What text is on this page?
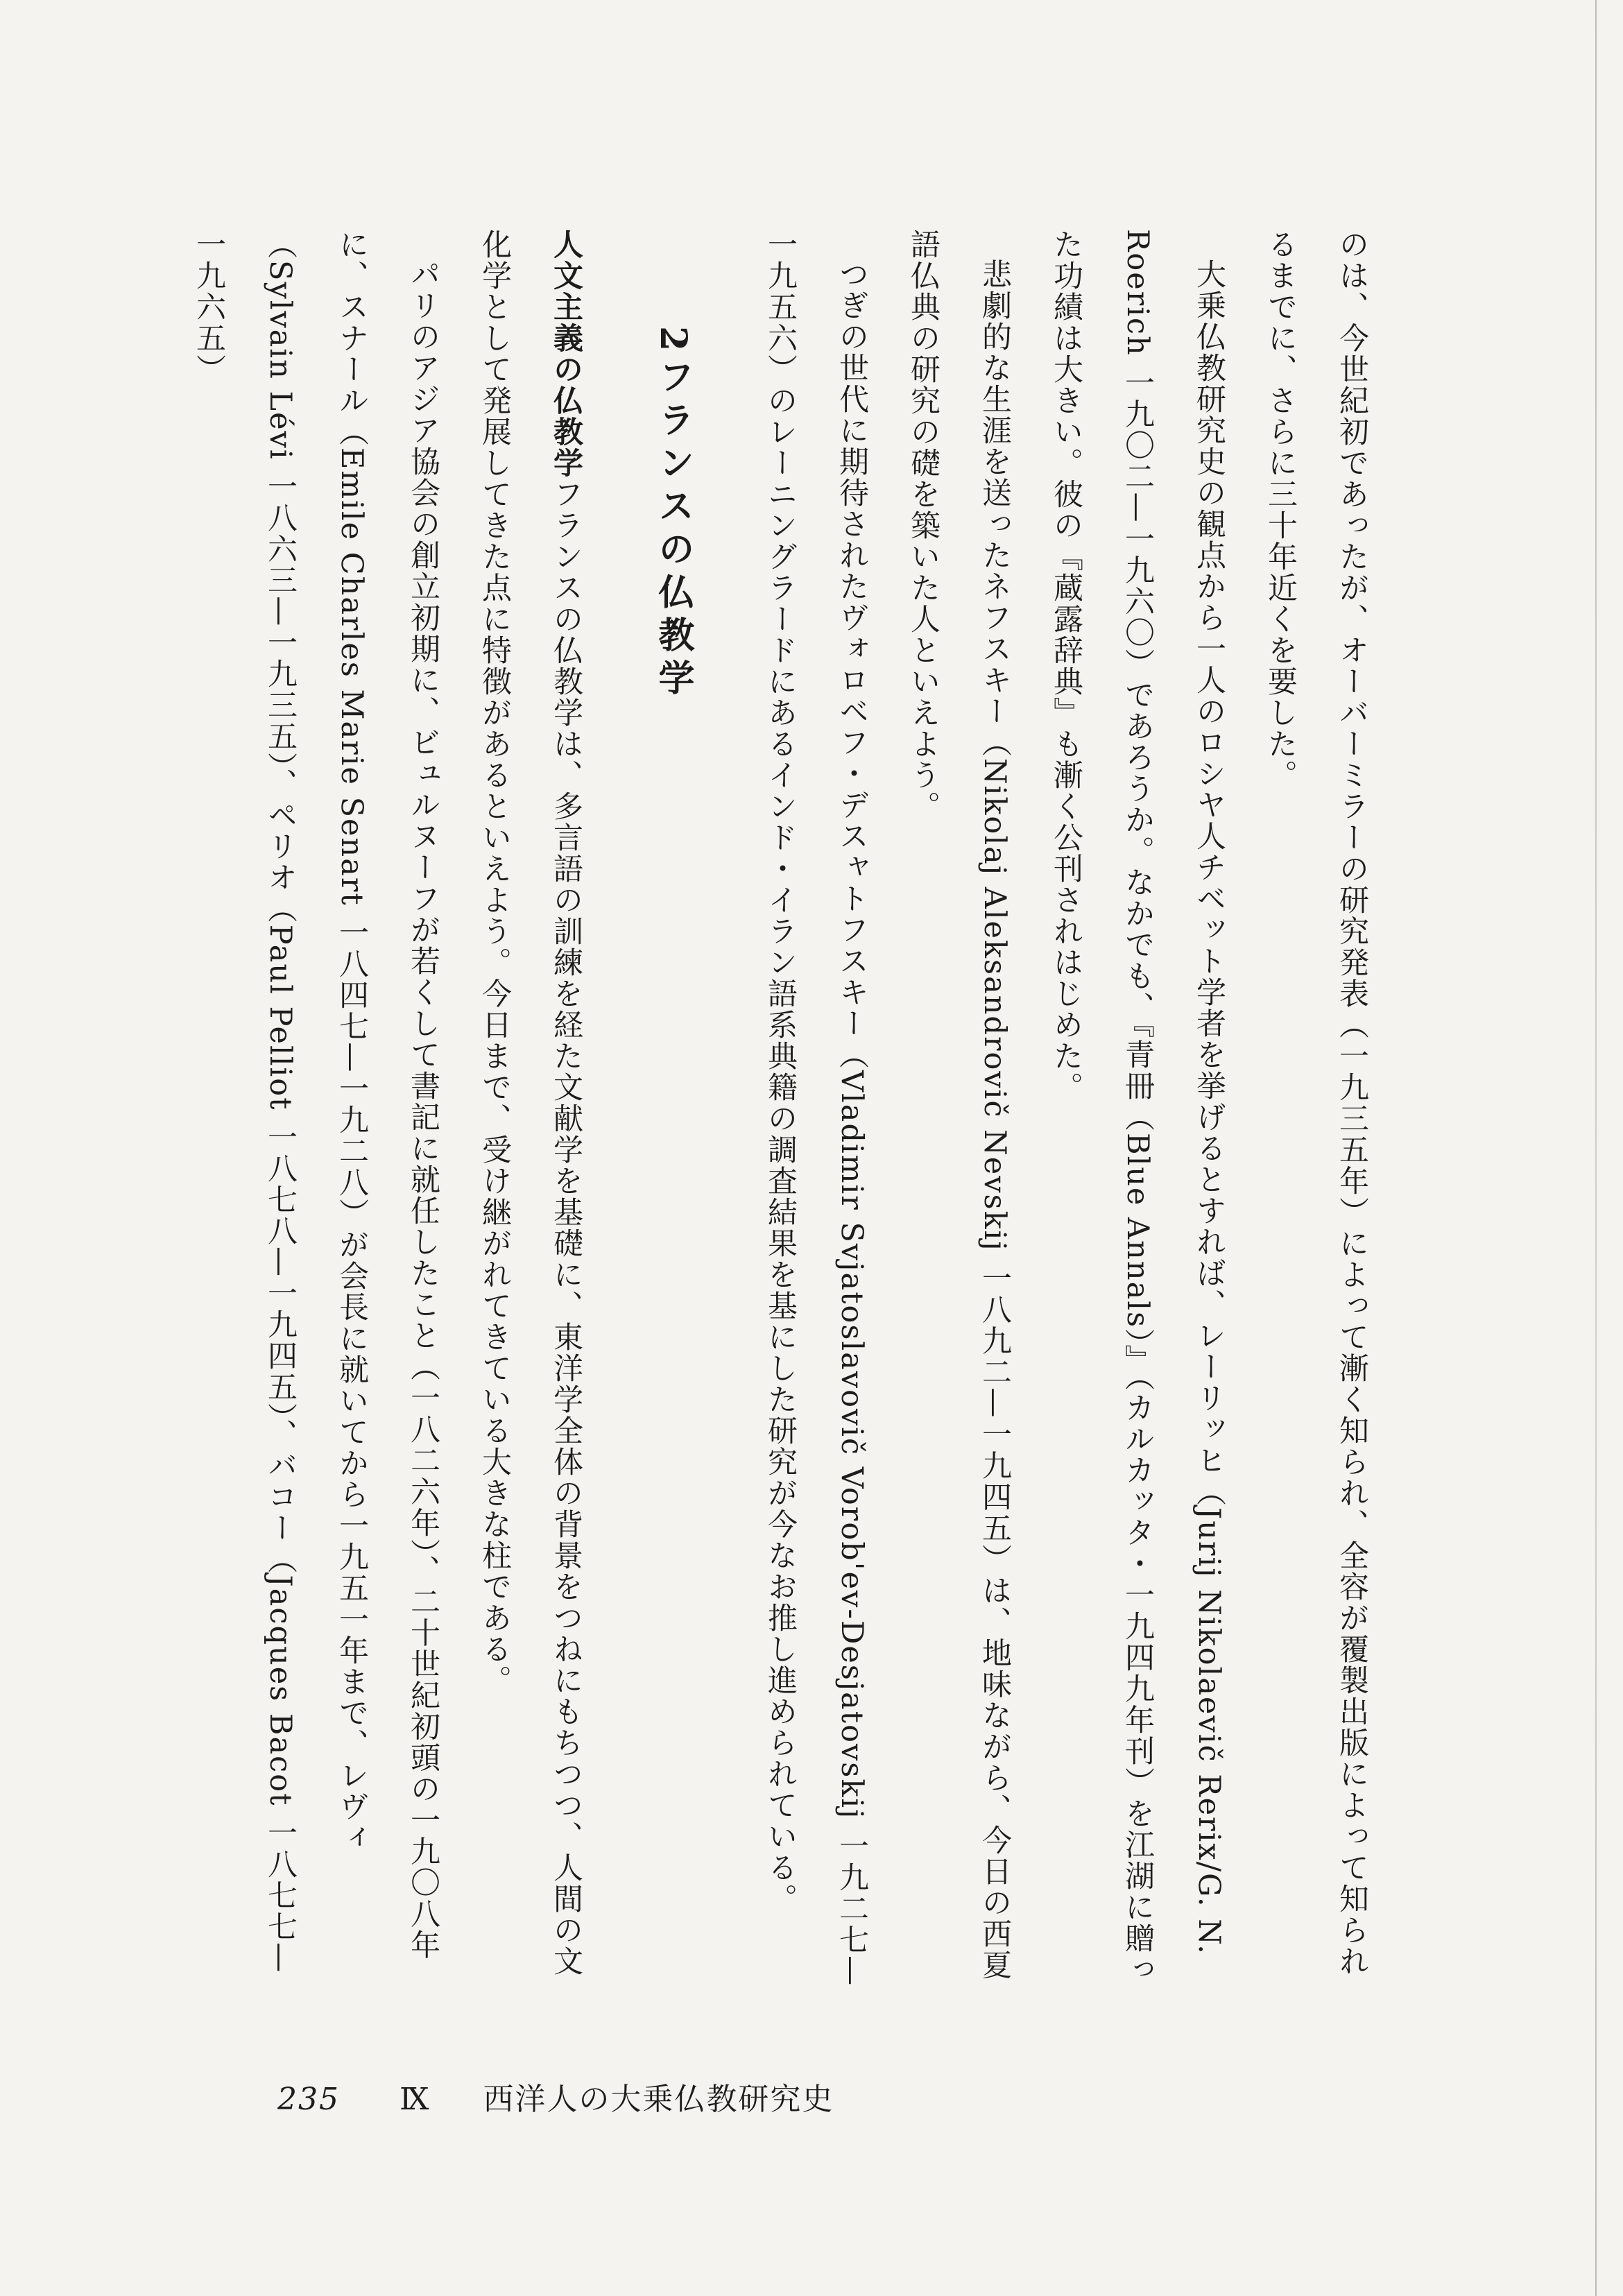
のは、今世紀初であったが、オーバーミラーの研究発表（一九三五年）によって漸く知られ、全容が覆製出版によって知られるまでに、さらに三十年近くを要した。

大乗仏教研究史の観点から一人のロシヤ人チベット学者を挙げるとすれば、レーリッヒ（Jurij Nikolaevič Rerix/G. N. Roerich 一九〇二—一九六〇）であろうか。なかでも、『青冊（Blue Annals）』（カルカッタ・一九四九年刊）を江湖に贈った功績は大きい。彼の『蔵露辞典』も漸く公刊されはじめた。

悲劇的な生涯を送ったネフスキー（Nikolaj Aleksandrovič Nevskij 一八九二—一九四五）は、地味ながら、今日の西夏語仏典の研究の礎を築いた人といえよう。

つぎの世代に期待されたヴォロベフ・デスャトフスキー（Vladimir Svjatoslavovič Vorob'ev-Desjatovskij 一九二七—一九五六）のレーニングラードにあるインド・イラン語系典籍の調査結果を基にした研究が今なお推し進められている。

2フランスの仏教学

人文主義の仏教学フランスの仏教学は、多言語の訓練を経た文献学を基礎に、東洋学全体の背景をつねにもちつつ、人間の文化学として発展してきた点に特徴があるといえよう。今日まで、受け継がれてきている大きな柱である。

パリのアジア協会の創立初期に、ビュルヌーフが若くして書記に就任したこと（一八二六年）、二十世紀初頭の一九〇八年に、スナール（Emile Charles Marie Senart 一八四七—一九二八）が会長に就いてから一九五一年まで、レヴィ（Sylvain Lévi 一八六三—一九三五）、ペリオ（Paul Pelliot 一八七八—一九四五）、バコー（Jacques Bacot 一八七七—一九六五）

235 Ⅸ 西洋人の大乗仏教研究史
